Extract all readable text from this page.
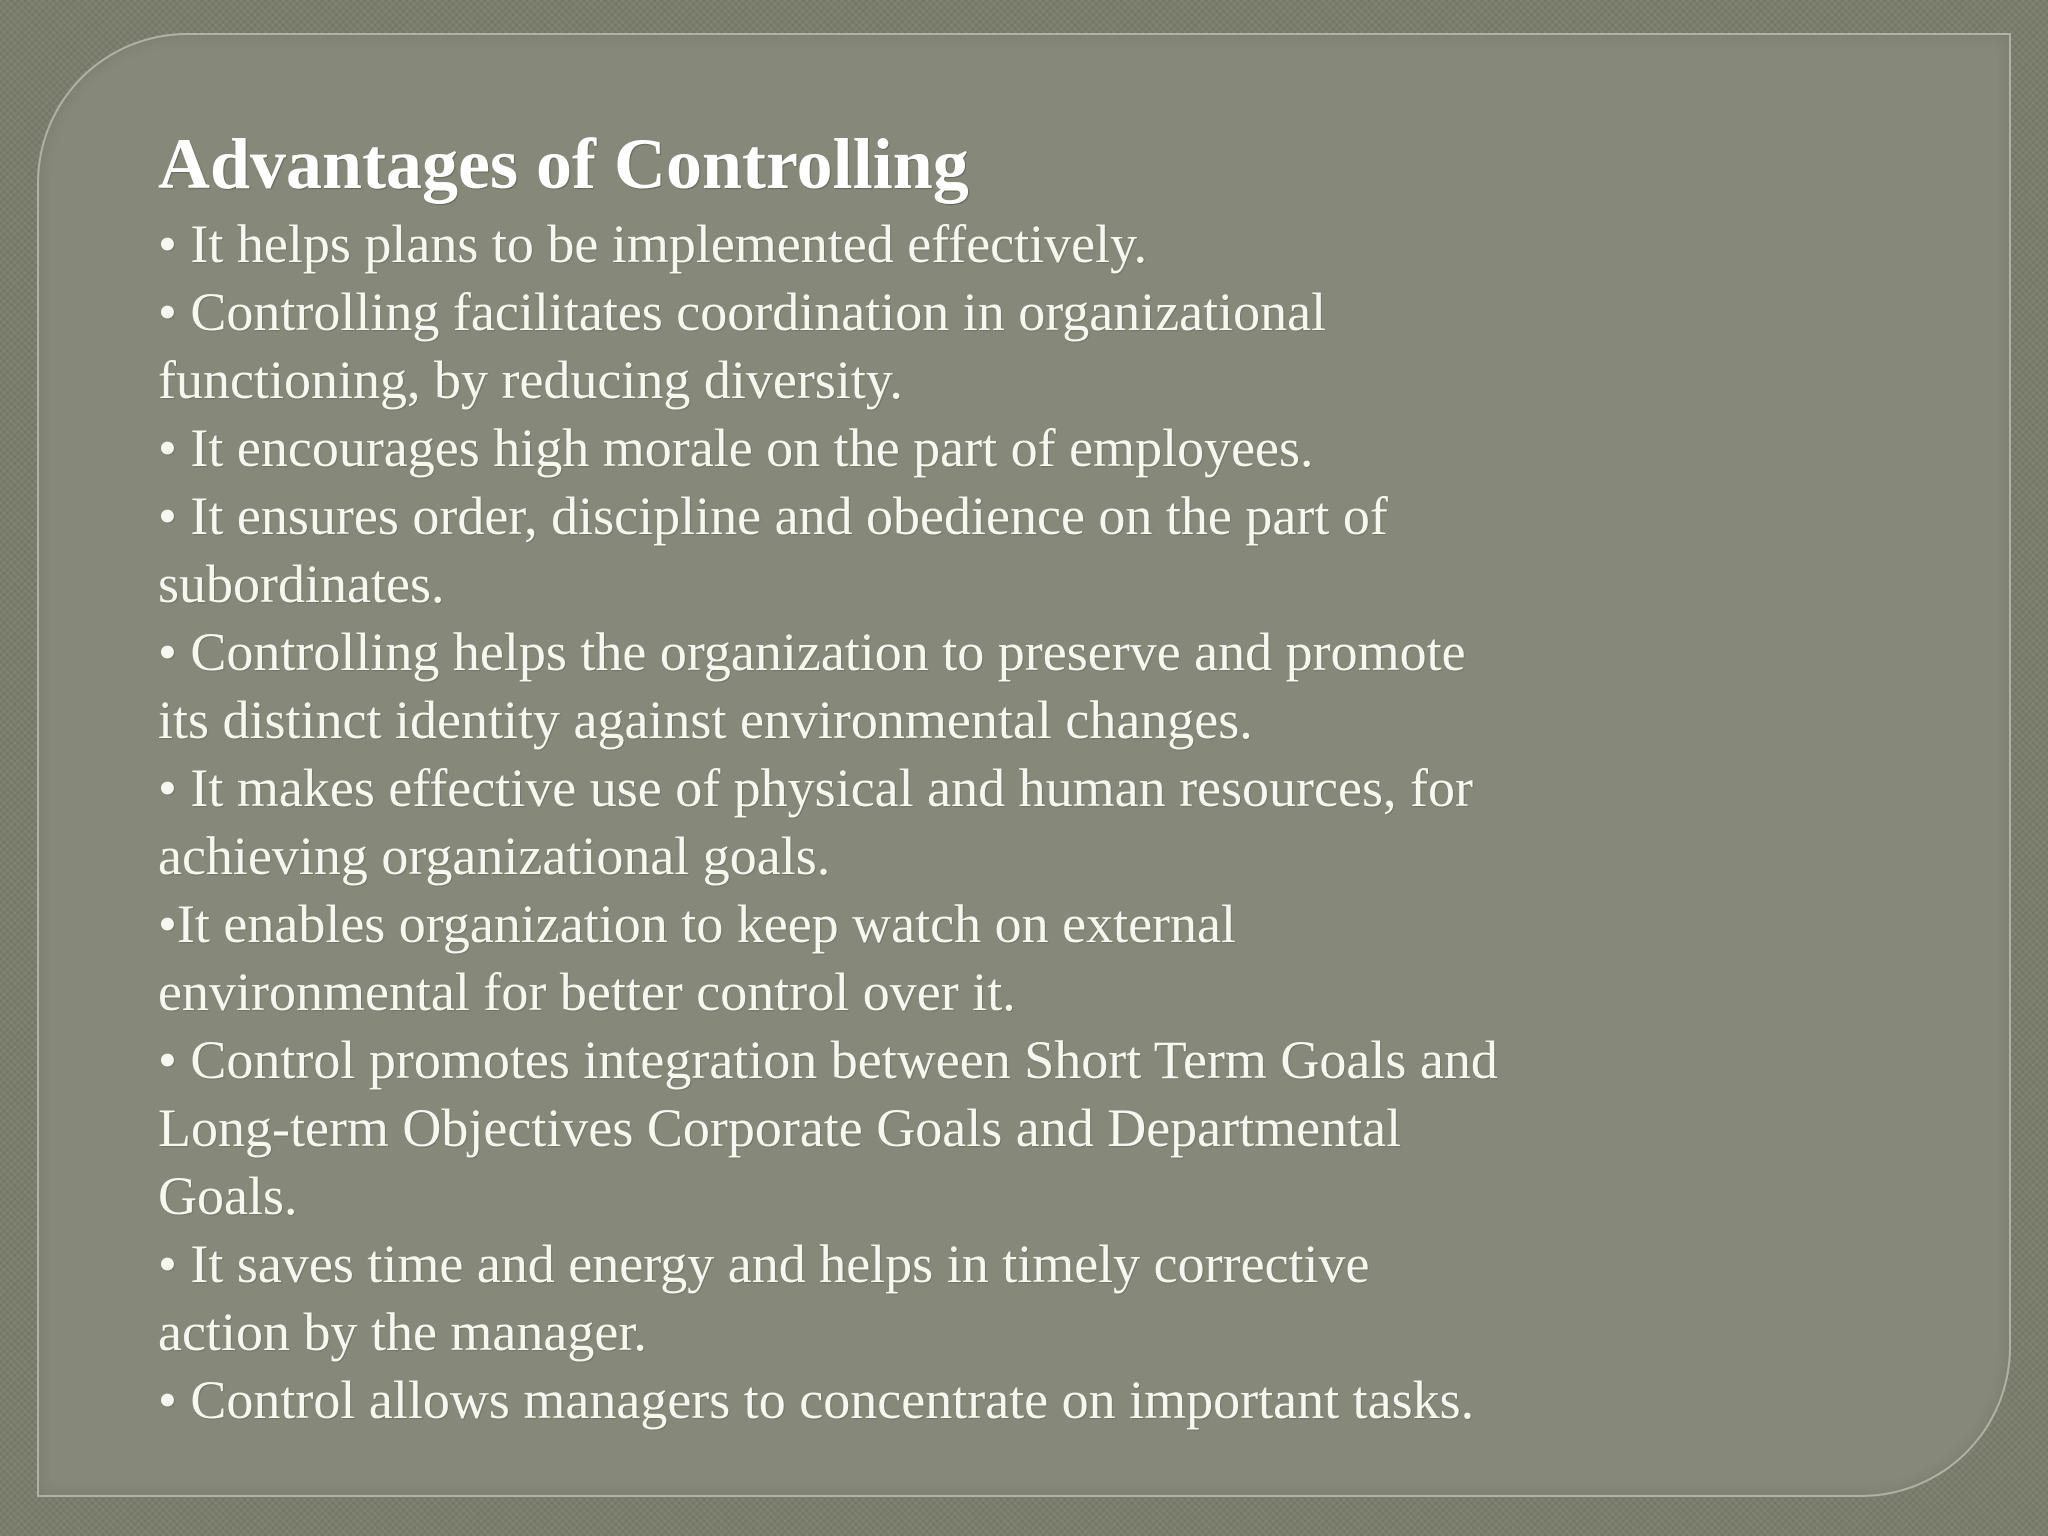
Advantages of Controlling
• It helps plans to be implemented effectively.
• Controlling facilitates coordination in organizational functioning, by reducing diversity.
• It encourages high morale on the part of employees.
• It ensures order, discipline and obedience on the part of subordinates.
• Controlling helps the organization to preserve and promote its distinct identity against environmental changes.
• It makes effective use of physical and human resources, for achieving organizational goals.
•It enables organization to keep watch on external environmental for better control over it.
• Control promotes integration between Short Term Goals and Long-term Objectives Corporate Goals and Departmental Goals.
• It saves time and energy and helps in timely corrective action by the manager.
• Control allows managers to concentrate on important tasks.
